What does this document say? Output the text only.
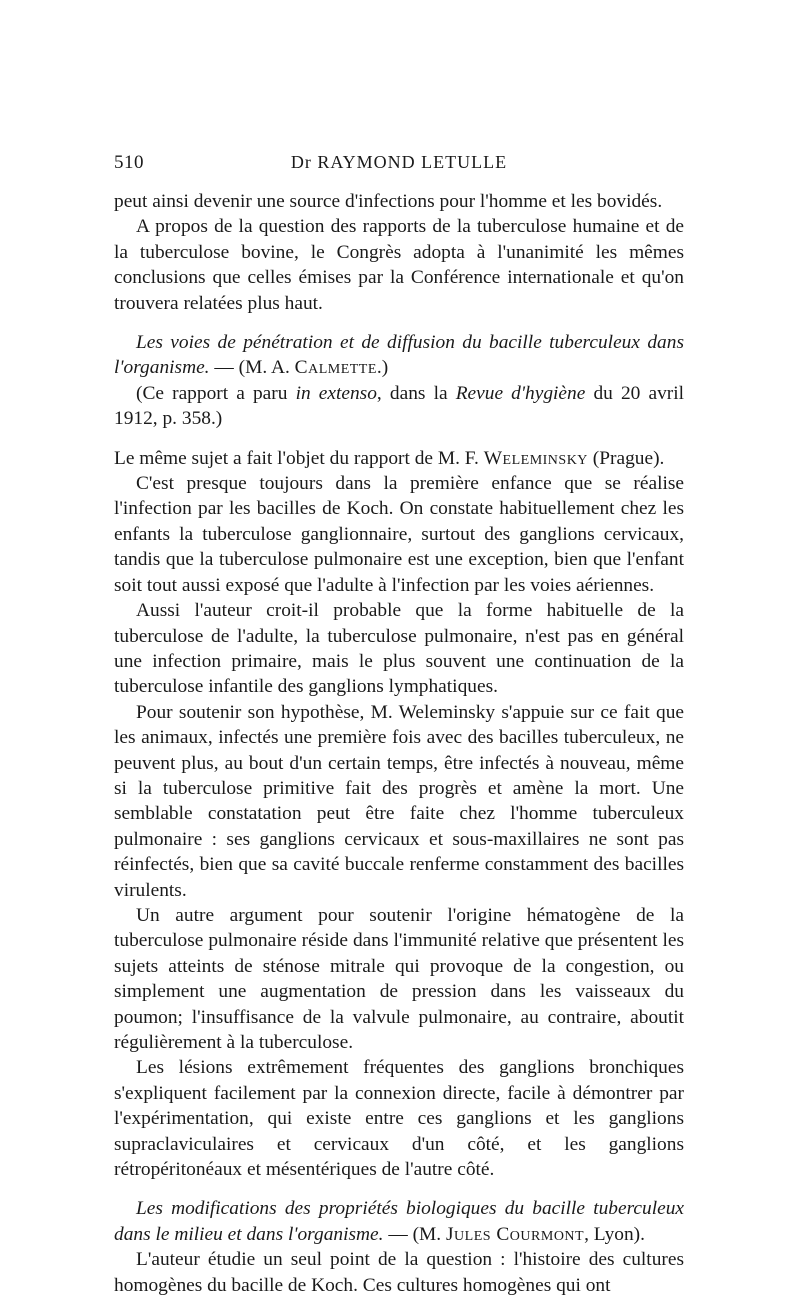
510	Dr RAYMOND LETULLE

peut ainsi devenir une source d'infections pour l'homme et les bovidés.

A propos de la question des rapports de la tuberculose humaine et de la tuberculose bovine, le Congrès adopta à l'unanimité les mêmes conclusions que celles émises par la Conférence internationale et qu'on trouvera relatées plus haut.

Les voies de pénétration et de diffusion du bacille tuberculeux dans l'organisme. — (M. A. Calmette.)

(Ce rapport a paru in extenso, dans la Revue d'hygiène du 20 avril 1912, p. 358.)

Le même sujet a fait l'objet du rapport de M. F. Weleminsky (Prague).

C'est presque toujours dans la première enfance que se réalise l'infection par les bacilles de Koch. On constate habituellement chez les enfants la tuberculose ganglionnaire, surtout des ganglions cervicaux, tandis que la tuberculose pulmonaire est une exception, bien que l'enfant soit tout aussi exposé que l'adulte à l'infection par les voies aériennes.

Aussi l'auteur croit-il probable que la forme habituelle de la tuberculose de l'adulte, la tuberculose pulmonaire, n'est pas en général une infection primaire, mais le plus souvent une continuation de la tuberculose infantile des ganglions lymphatiques.

Pour soutenir son hypothèse, M. Weleminsky s'appuie sur ce fait que les animaux, infectés une première fois avec des bacilles tuberculeux, ne peuvent plus, au bout d'un certain temps, être infectés à nouveau, même si la tuberculose primitive fait des progrès et amène la mort. Une semblable constatation peut être faite chez l'homme tuberculeux pulmonaire : ses ganglions cervicaux et sous-maxillaires ne sont pas réinfectés, bien que sa cavité buccale renferme constamment des bacilles virulents.

Un autre argument pour soutenir l'origine hématogène de la tuberculose pulmonaire réside dans l'immunité relative que présentent les sujets atteints de sténose mitrale qui provoque de la congestion, ou simplement une augmentation de pression dans les vaisseaux du poumon; l'insuffisance de la valvule pulmonaire, au contraire, aboutit régulièrement à la tuberculose.

Les lésions extrêmement fréquentes des ganglions bronchiques s'expliquent facilement par la connexion directe, facile à démontrer par l'expérimentation, qui existe entre ces ganglions et les ganglions supraclaviculaires et cervicaux d'un côté, et les ganglions rétropéritonéaux et mésentériques de l'autre côté.

Les modifications des propriétés biologiques du bacille tuberculeux dans le milieu et dans l'organisme. — (M. Jules Courmont, Lyon).

L'auteur étudie un seul point de la question : l'histoire des cultures homogènes du bacille de Koch. Ces cultures homogènes qui ont
